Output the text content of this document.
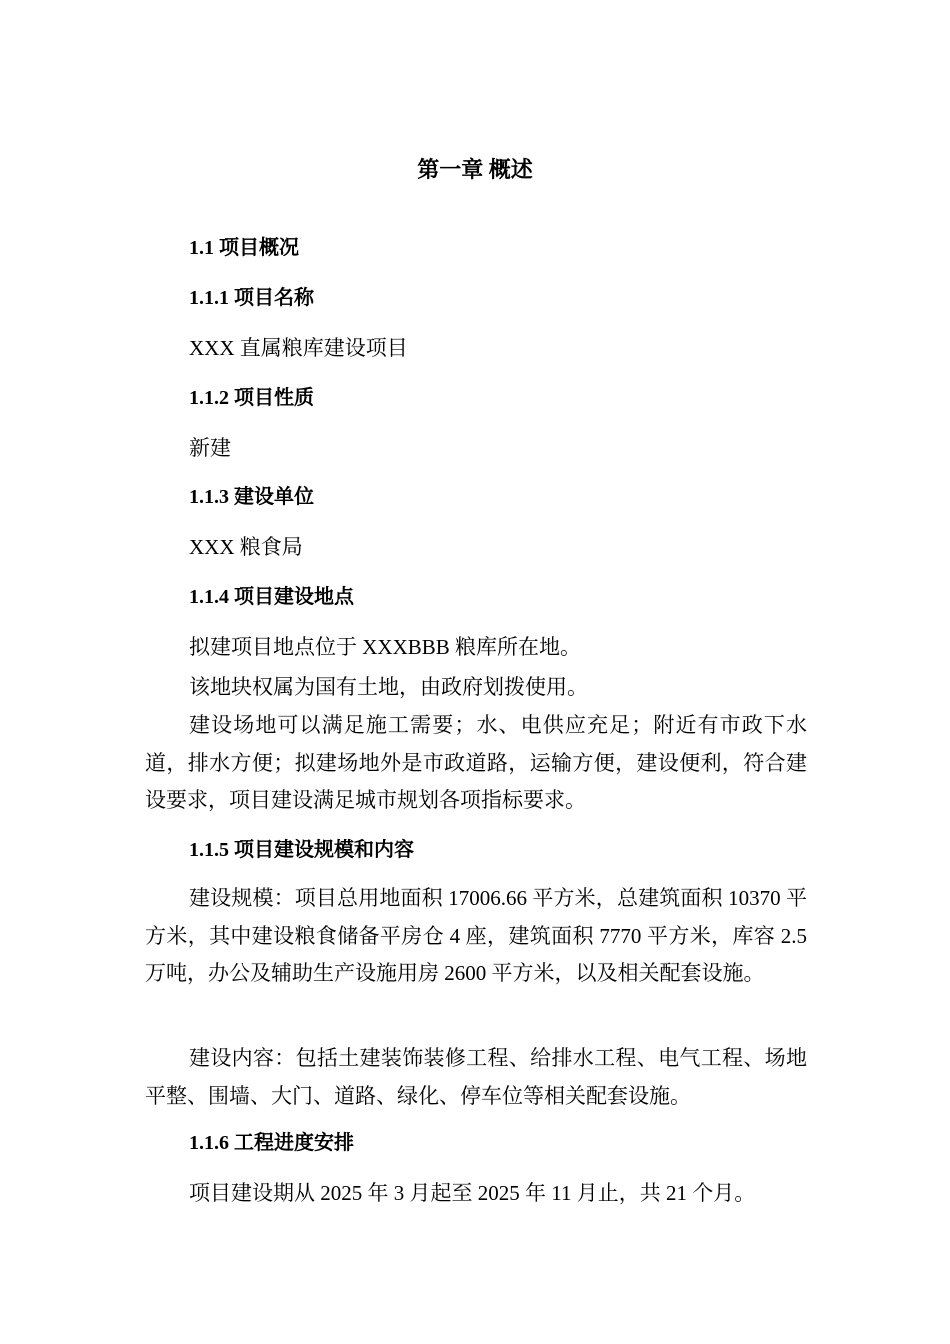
第一章 概述
1.1 项目概况
1.1.1 项目名称
XXX 直属粮库建设项目
1.1.2 项目性质
新建
1.1.3 建设单位
XXX 粮食局
1.1.4 项目建设地点
拟建项目地点位于 XXXBBB 粮库所在地。
该地块权属为国有土地，由政府划拨使用。
建设场地可以满足施工需要；水、电供应充足；附近有市政下水道，排水方便；拟建场地外是市政道路，运输方便，建设便利，符合建设要求，项目建设满足城市规划各项指标要求。
1.1.5 项目建设规模和内容
建设规模：项目总用地面积 17006.66 平方米，总建筑面积 10370 平方米，其中建设粮食储备平房仓 4 座，建筑面积 7770 平方米，库容 2.5 万吨，办公及辅助生产设施用房 2600 平方米，以及相关配套设施。
建设内容：包括土建装饰装修工程、给排水工程、电气工程、场地平整、围墙、大门、道路、绿化、停车位等相关配套设施。
1.1.6 工程进度安排
项目建设期从 2025 年 3 月起至 2025 年 11 月止，共 21 个月。
